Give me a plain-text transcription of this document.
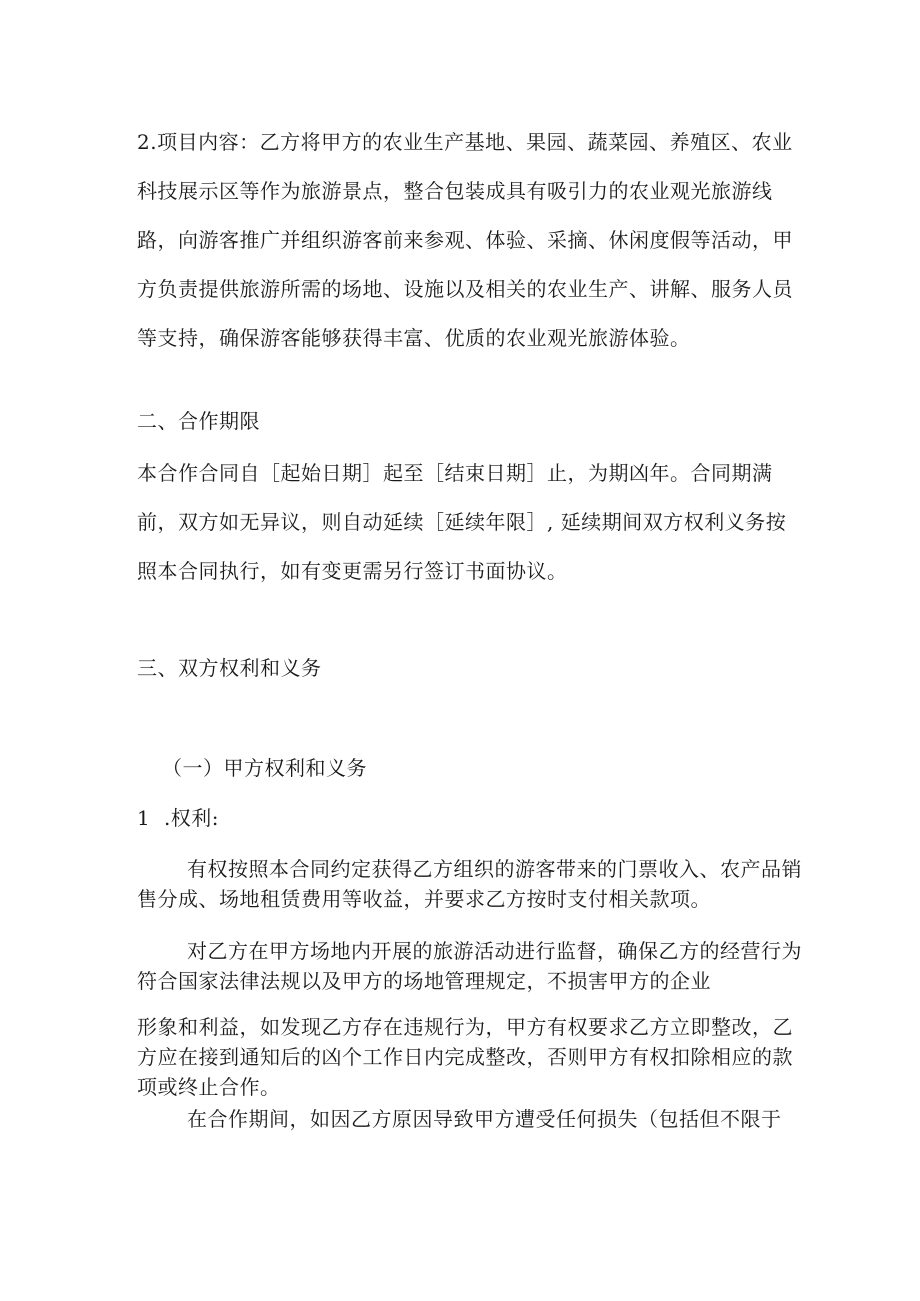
2.项目内容：乙方将甲方的农业生产基地、果园、蔬菜园、养殖区、农业
科技展示区等作为旅游景点，整合包装成具有吸引力的农业观光旅游线
路，向游客推广并组织游客前来参观、体验、采摘、休闲度假等活动，甲
方负责提供旅游所需的场地、设施以及相关的农业生产、讲解、服务人员
等支持，确保游客能够获得丰富、优质的农业观光旅游体验。
二、合作期限
本合作合同自［起始日期］起至［结束日期］止，为期凶年。合同期满
前，双方如无异议，则自动延续［延续年限］, 延续期间双方权利义务按
照本合同执行，如有变更需另行签订书面协议。
三、双方权利和义务
（一）甲方权利和义务
1  .权利:
有权按照本合同约定获得乙方组织的游客带来的门票收入、农产品销
售分成、场地租赁费用等收益，并要求乙方按时支付相关款项。
对乙方在甲方场地内开展的旅游活动进行监督，确保乙方的经营行为
符合国家法律法规以及甲方的场地管理规定，不损害甲方的企业
形象和利益，如发现乙方存在违规行为，甲方有权要求乙方立即整改，乙
方应在接到通知后的凶个工作日内完成整改，否则甲方有权扣除相应的款
项或终止合作。
在合作期间，如因乙方原因导致甲方遭受任何损失（包括但不限于
